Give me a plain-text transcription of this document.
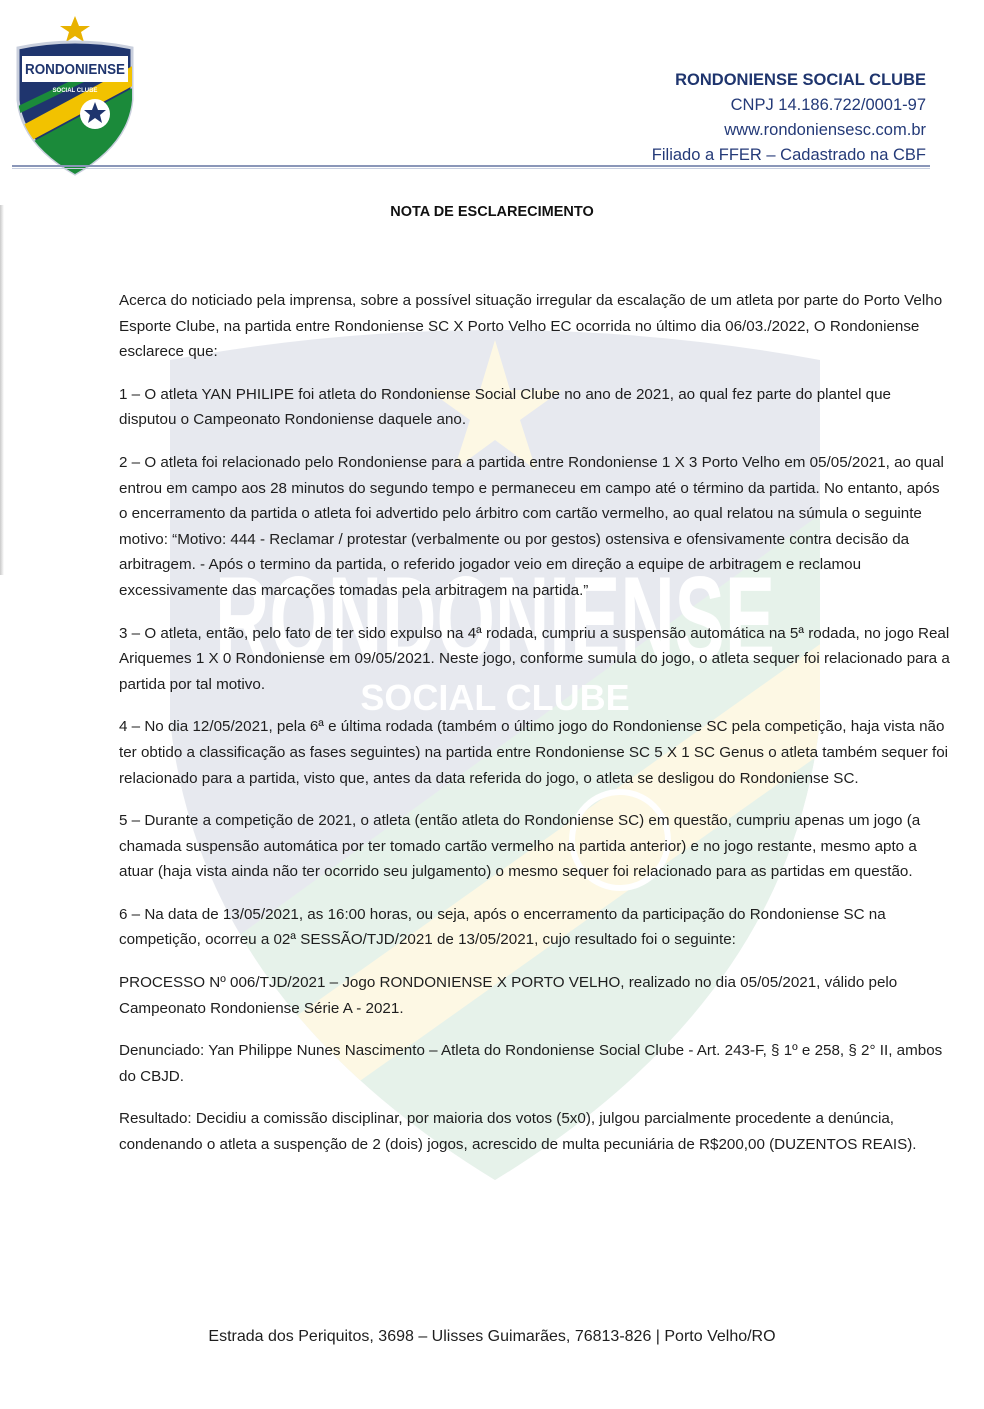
RONDONIENSE
SOCIAL CLUBE
RONDONIENSE
SOCIAL CLUBE
RONDONIENSE SOCIAL CLUBE
CNPJ 14.186.722/0001-97
www.rondoniensesc.com.br
Filiado a FFER – Cadastrado na CBF
NOTA DE ESCLARECIMENTO

Acerca do noticiado pela imprensa, sobre a possível situação irregular da escalação de um atleta por parte do Porto Velho Esporte Clube, na partida entre Rondoniense SC X Porto Velho EC ocorrida no último dia 06/03./2022, O Rondoniense esclarece que:

1 – O atleta YAN PHILIPE foi atleta do Rondoniense Social Clube no ano de 2021, ao qual fez parte do plantel que disputou o Campeonato Rondoniense daquele ano.

2 – O atleta foi relacionado pelo Rondoniense para a partida entre Rondoniense 1 X 3 Porto Velho em 05/05/2021, ao qual entrou em campo aos 28 minutos do segundo tempo e permaneceu em campo até o término da partida. No entanto, após o encerramento da partida o atleta foi advertido pelo árbitro com cartão vermelho, ao qual relatou na súmula o seguinte motivo: “Motivo: 444 - Reclamar / protestar (verbalmente ou por gestos) ostensiva e ofensivamente contra decisão da arbitragem. - Após o termino da partida, o referido jogador veio em direção a equipe de arbitragem e reclamou excessivamente das marcações tomadas pela arbitragem na partida.”

3 – O atleta, então, pelo fato de ter sido expulso na 4ª rodada, cumpriu a suspensão automática na 5ª rodada, no jogo Real Ariquemes 1 X 0 Rondoniense em 09/05/2021. Neste jogo, conforme sumula do jogo, o atleta sequer foi relacionado para a partida por tal motivo.

4 – No dia 12/05/2021, pela 6ª e última rodada (também o último jogo do Rondoniense SC pela competição, haja vista não ter obtido a classificação as fases seguintes) na partida entre Rondoniense SC 5 X 1 SC Genus o atleta também sequer foi relacionado para a partida, visto que, antes da data referida do jogo, o atleta se desligou do Rondoniense SC.

5 – Durante a competição de 2021, o atleta (então atleta do Rondoniense SC) em questão, cumpriu apenas um jogo (a chamada suspensão automática por ter tomado cartão vermelho na partida anterior) e no jogo restante, mesmo apto a atuar (haja vista ainda não ter ocorrido seu julgamento) o mesmo sequer foi relacionado para as partidas em questão.

6 – Na data de 13/05/2021, as 16:00 horas, ou seja, após o encerramento da participação do Rondoniense SC na competição, ocorreu a 02ª SESSÃO/TJD/2021 de 13/05/2021, cujo resultado foi o seguinte:

PROCESSO Nº 006/TJD/2021 – Jogo RONDONIENSE X PORTO VELHO, realizado no dia 05/05/2021, válido pelo Campeonato Rondoniense Série A - 2021.

Denunciado: Yan Philippe Nunes Nascimento – Atleta do Rondoniense Social Clube - Art. 243-F, § 1º e 258, § 2° II, ambos do CBJD.

Resultado: Decidiu a comissão disciplinar, por maioria dos votos (5x0), julgou parcialmente procedente a denúncia, condenando o atleta a suspenção de 2 (dois) jogos, acrescido de multa pecuniária de R$200,00 (DUZENTOS REAIS).

Estrada dos Periquitos, 3698 – Ulisses Guimarães, 76813-826 | Porto Velho/RO
